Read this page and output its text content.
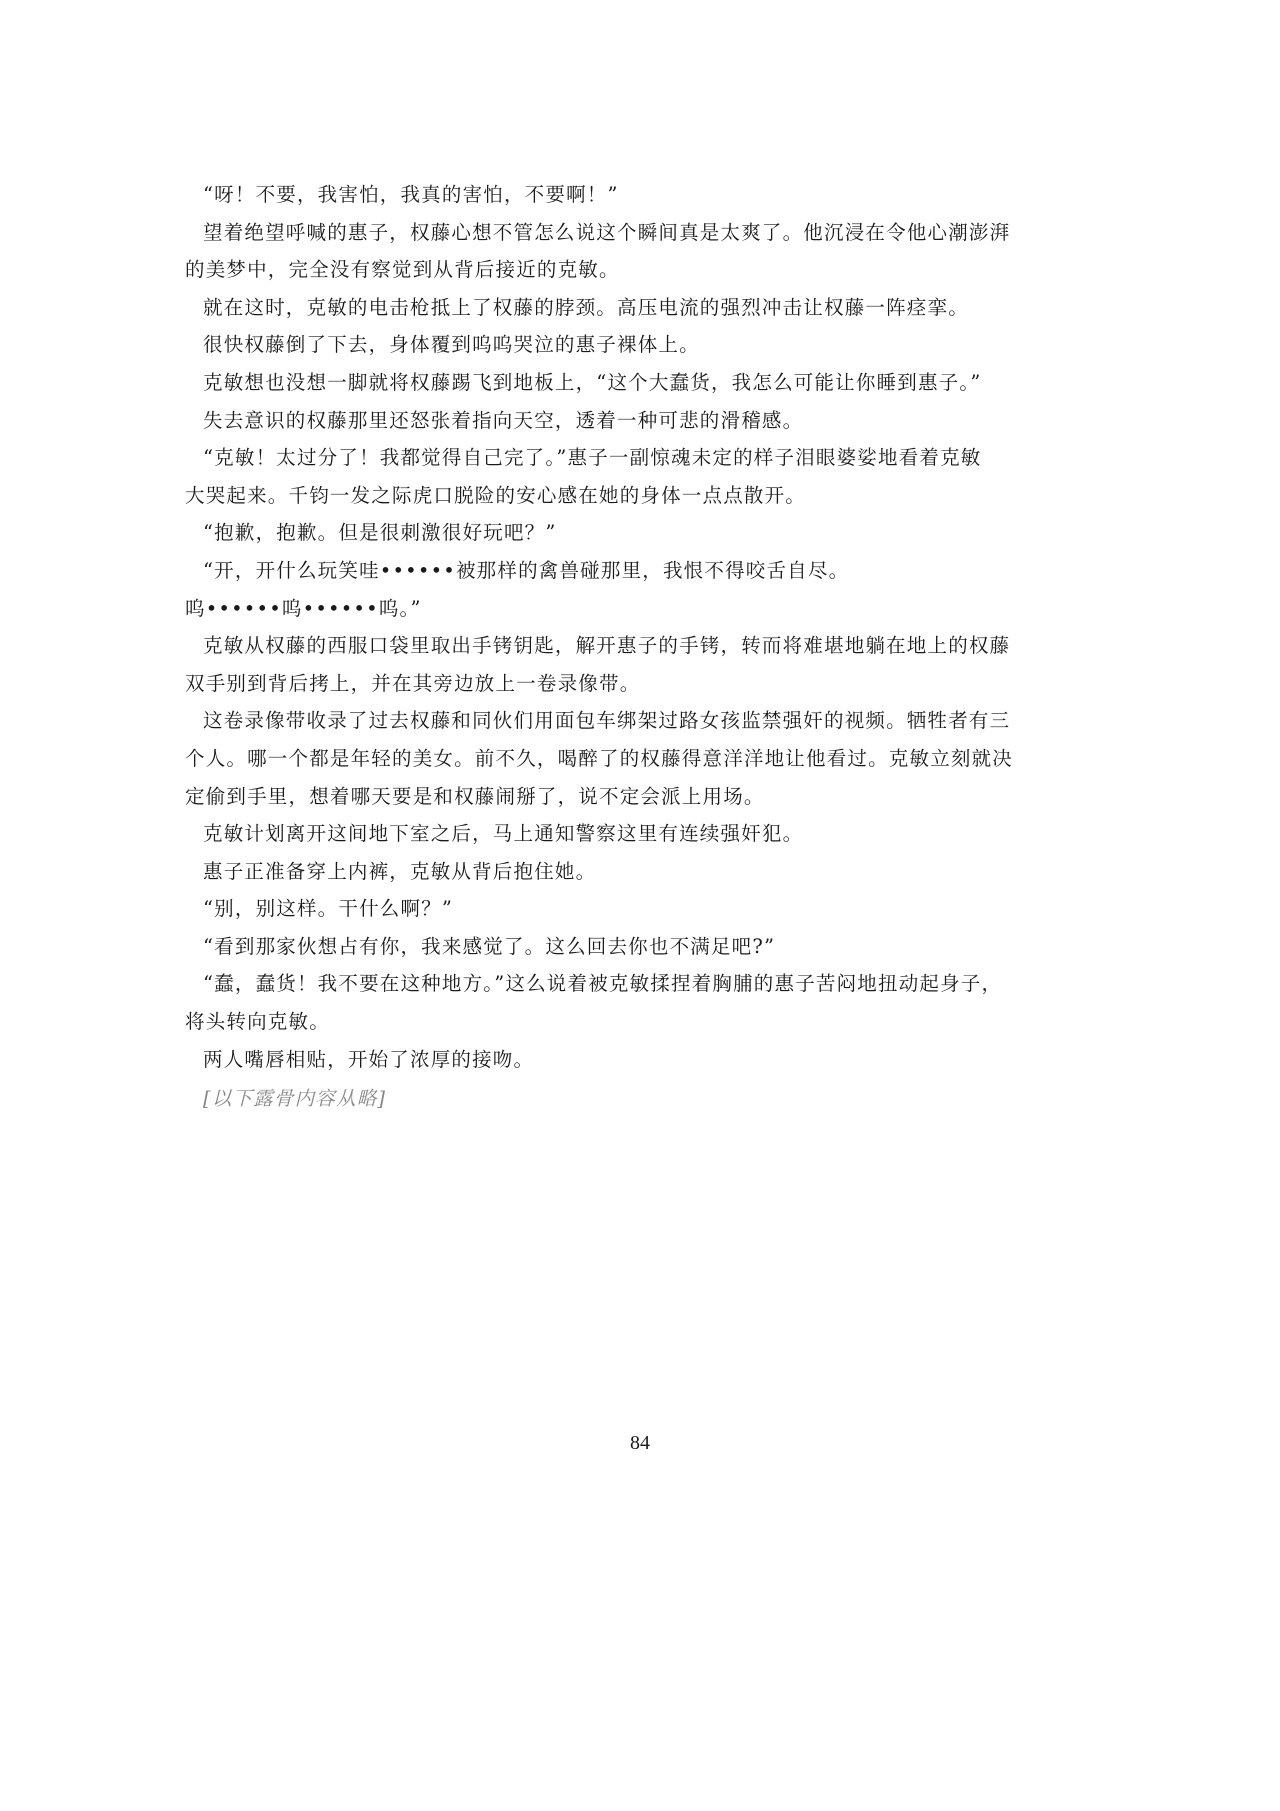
“呀！不要，我害怕，我真的害怕，不要啊！”
望着绝望呼喊的惠子，权藤心想不管怎么说这个瞬间真是太爽了。他沉浸在令他心潮澎湃
的美梦中，完全没有察觉到从背后接近的克敏。
就在这时，克敏的电击枪抵上了权藤的脖颈。高压电流的强烈冲击让权藤一阵痉挛。
很快权藤倒了下去，身体覆到呜呜哭泣的惠子裸体上。
克敏想也没想一脚就将权藤踢飞到地板上，“这个大蠢货，我怎么可能让你睡到惠子。”
失去意识的权藤那里还怒张着指向天空，透着一种可悲的滑稽感。
“克敏！太过分了！我都觉得自己完了。”惠子一副惊魂未定的样子泪眼婆娑地看着克敏
大哭起来。千钧一发之际虎口脱险的安心感在她的身体一点点散开。
“抱歉，抱歉。但是很刺激很好玩吧？”
“开，开什么玩笑哇••••••被那样的禽兽碰那里，我恨不得咬舌自尽。
呜••••••呜••••••呜。”
克敏从权藤的西服口袋里取出手铐钥匙，解开惠子的手铐，转而将难堪地躺在地上的权藤
双手别到背后拷上，并在其旁边放上一卷录像带。
这卷录像带收录了过去权藤和同伙们用面包车绑架过路女孩监禁强奸的视频。牺牲者有三
个人。哪一个都是年轻的美女。前不久，喝醉了的权藤得意洋洋地让他看过。克敏立刻就决
定偷到手里，想着哪天要是和权藤闹掰了，说不定会派上用场。
克敏计划离开这间地下室之后，马上通知警察这里有连续强奸犯。
惠子正准备穿上内裤，克敏从背后抱住她。
“别，别这样。干什么啊？”
“看到那家伙想占有你，我来感觉了。这么回去你也不满足吧?”
“蠢，蠢货！我不要在这种地方。”这么说着被克敏揉捏着胸脯的惠子苦闷地扭动起身子，
将头转向克敏。
两人嘴唇相贴，开始了浓厚的接吻。
[以下露骨内容从略]
84
